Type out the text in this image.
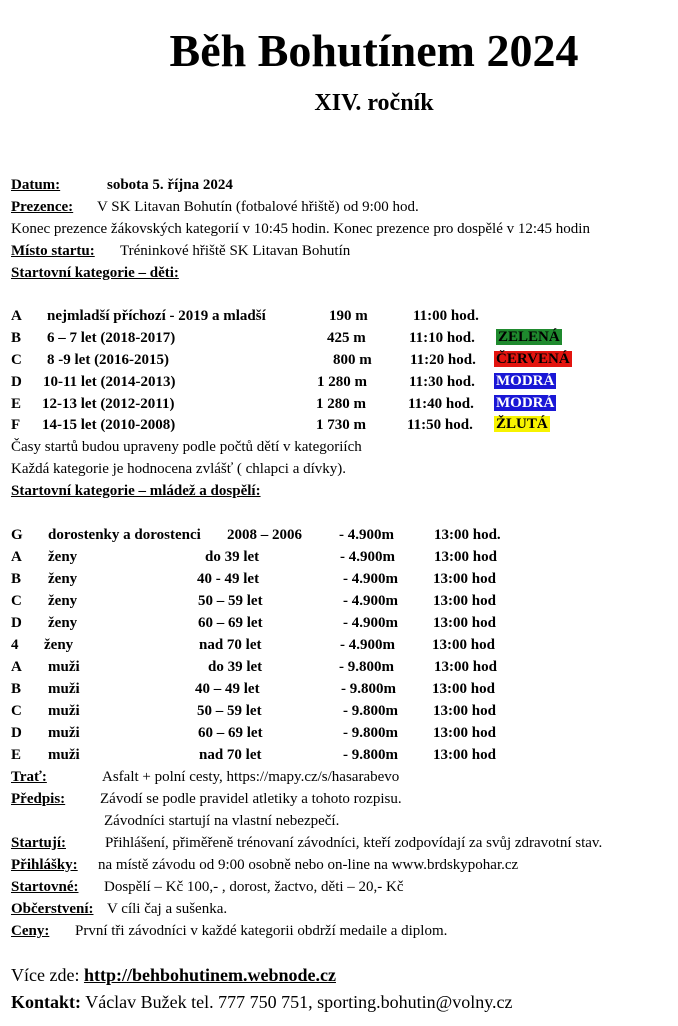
Běh Bohutínem 2024
XIV. ročník
Datum:	sobota 5. října 2024
Prezence: V SK Litavan Bohutín (fotbalové hřiště) od 9:00 hod.
Konec prezence žákovských kategorií v 10:45 hodin. Konec prezence pro dospělé v 12:45 hodin
Místo startu: Tréninkové hřiště SK Litavan Bohutín
Startovní kategorie – děti:
A nejmladší příchozí - 2019 a mladší	190 m	11:00 hod.
B 6 – 7 let (2018-2017)	425 m	11:10 hod. ZELENÁ
C 8 -9 let (2016-2015)	800 m	11:20 hod. ČERVENÁ
D 10-11 let (2014-2013)	1 280 m	11:30 hod. MODRÁ
E 12-13 let (2012-2011)	1 280 m	11:40 hod. MODRÁ
F 14-15 let (2010-2008)	1 730 m	11:50 hod. ŽLUTÁ
Časy startů budou upraveny podle počtů dětí v kategoriích
Každá kategorie je hodnocena zvlášť ( chlapci a dívky).
Startovní kategorie – mládež a dospělí:
G dorostenky a dorostenci 2008 – 2006 - 4.900m	13:00 hod.
A ženy	do 39 let	- 4.900m	13:00 hod
B ženy	40 - 49 let	- 4.900m 13:00 hod
C ženy	50 – 59 let	- 4.900m 13:00 hod
D ženy	60 – 69 let	- 4.900m 13:00 hod
4 ženy	nad 70 let	- 4.900m 13:00 hod
A muži	do 39 let	- 9.800m	13:00 hod
B muži	40 – 49 let	- 9.800m 13:00 hod
C muži	50 – 59 let	- 9.800m 13:00 hod
D muži	60 – 69 let	- 9.800m 13:00 hod
E muži	nad 70 let	- 9.800m 13:00 hod
Trať:	Asfalt + polní cesty, https://mapy.cz/s/hasarabevo
Předpis: Závodí se podle pravidel atletiky a tohoto rozpisu.
Závodníci startují na vlastní nebezpečí.
Startují:	Přihlášení, přiměřeně trénovaní závodníci, kteří zodpovídají za svůj zdravotní stav.
Přihlášky: na místě závodu od 9:00 osobně nebo on-line na www.brdskypohar.cz
Startovné: Dospělí – Kč 100,- , dorost, žactvo, děti – 20,- Kč
Občerstvení: V cíli čaj a sušenka.
Ceny: První tři závodníci v každé kategorii obdrží medaile a diplom.
Více zde: http://behbohutinem.webnode.cz
Kontakt: Václav Bužek tel. 777 750 751, sporting.bohutin@volny.cz
